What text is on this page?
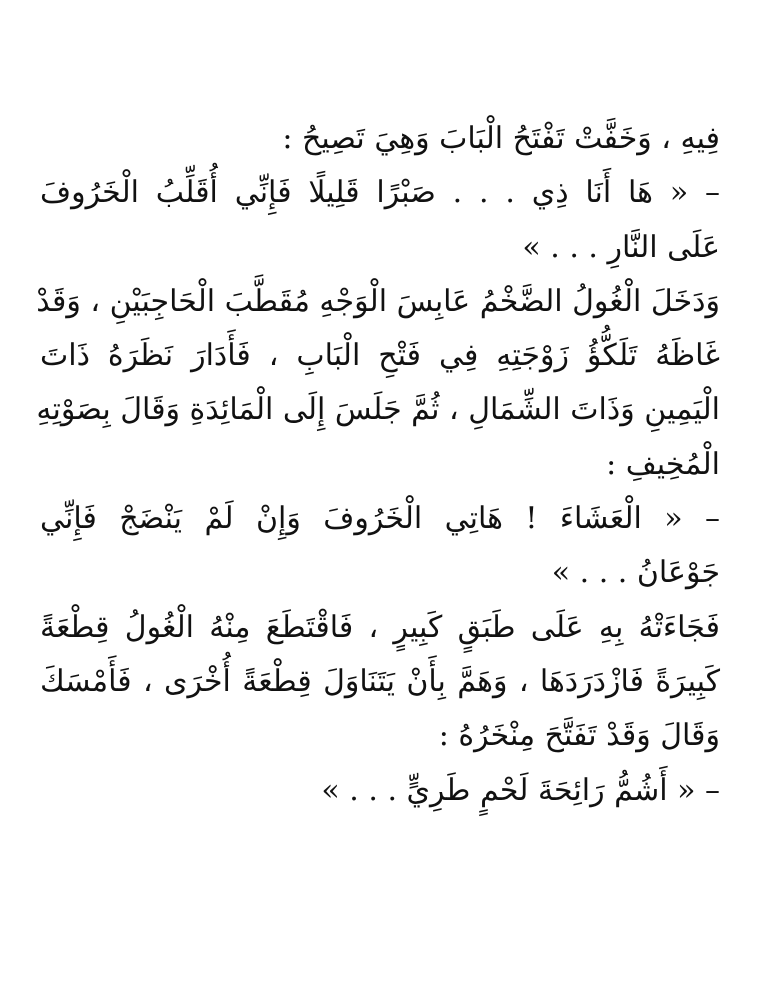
فِيهِ ، وَخَفَّتْ تَفْتَحُ الْبَابَ وَهِيَ تَصِيحُ :
– « هَا أَنَا ذِي . . . صَبْرًا قَلِيلًا فَإِنِّي أُقَلِّبُ الْخَرُوفَ
عَلَى النَّارِ . . . »
وَدَخَلَ الْغُولُ الضَّخْمُ عَابِسَ الْوَجْهِ مُقَطَّبَ الْحَاجِبَيْنِ ، وَقَدْ
غَاظَهُ تَلَكُّؤُ زَوْجَتِهِ فِي فَتْحِ الْبَابِ ، فَأَدَارَ نَظَرَهُ ذَاتَ
الْيَمِينِ وَذَاتَ الشِّمَالِ ، ثُمَّ جَلَسَ إِلَى الْمَائِدَةِ وَقَالَ بِصَوْتِهِ
الْمُخِيفِ :
– « الْعَشَاءَ ! هَاتِي الْخَرُوفَ وَإِنْ لَمْ يَنْضَجْ فَإِنِّي
جَوْعَانُ . . . »
فَجَاءَتْهُ بِهِ عَلَى طَبَقٍ كَبِيرٍ ، فَاقْتَطَعَ مِنْهُ الْغُولُ قِطْعَةً
كَبِيرَةً فَازْدَرَدَهَا ، وَهَمَّ بِأَنْ يَتَنَاوَلَ قِطْعَةً أُخْرَى ، فَأَمْسَكَ
وَقَالَ وَقَدْ تَفَتَّحَ مِنْخَرُهُ :
– « أَشُمُّ رَائِحَةَ لَحْمٍ طَرِيٍّ . . . »
